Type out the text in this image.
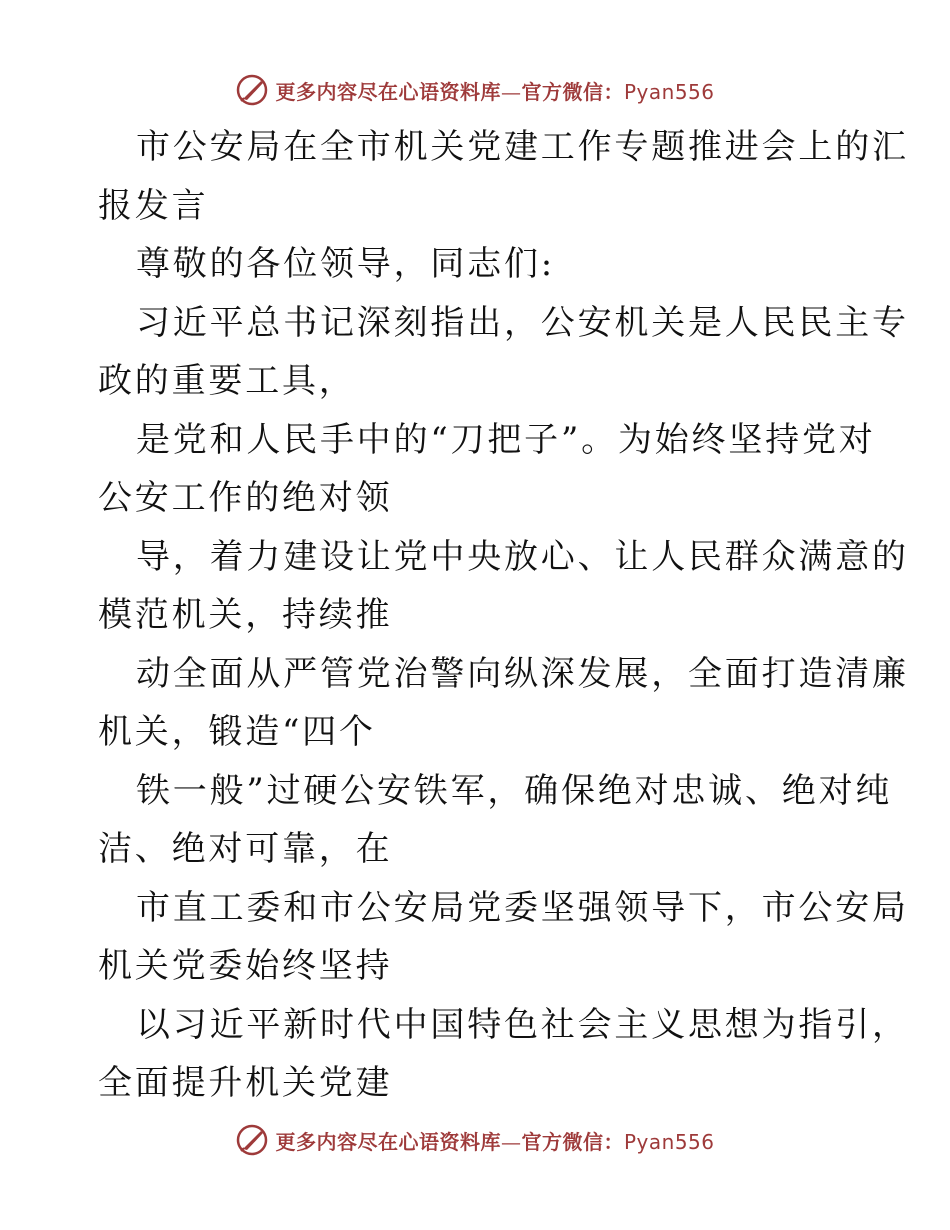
更多内容尽在心语资料库—官方微信：Pyan556
市公安局在全市机关党建工作专题推进会上的汇
报发言
尊敬的各位领导，同志们:
习近平总书记深刻指出，公安机关是人民民主专
政的重要工具，
是党和人民手中的“刀把子”。为始终坚持党对
公安工作的绝对领
导，着力建设让党中央放心、让人民群众满意的
模范机关，持续推
动全面从严管党治警向纵深发展，全面打造清廉
机关，锻造“四个
铁一般”过硬公安铁军，确保绝对忠诚、绝对纯
洁、绝对可靠，在
市直工委和市公安局党委坚强领导下，市公安局
机关党委始终坚持
以习近平新时代中国特色社会主义思想为指引，
全面提升机关党建
更多内容尽在心语资料库—官方微信：Pyan556
